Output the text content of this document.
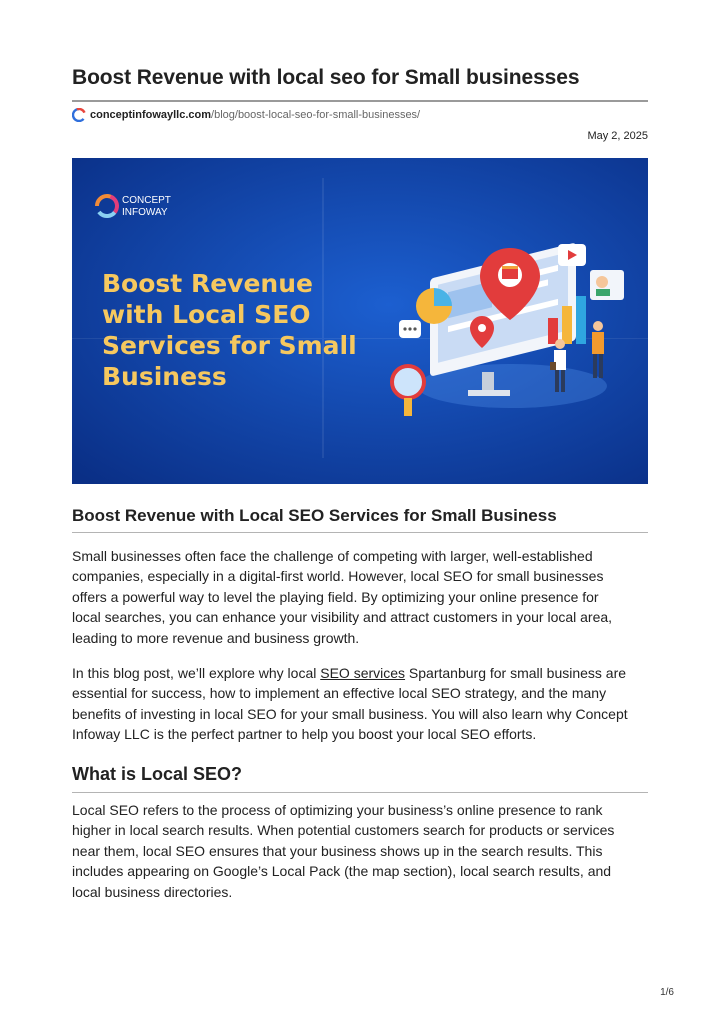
Boost Revenue with local seo for Small businesses
conceptinfowayllc.com /blog/boost-local-seo-for-small-businesses/
May 2, 2025
CONCEPT
INFOWAY
Boost Revenue
with Local SEO
Services for Small
Business
Boost Revenue with Local SEO Services for Small Business

Small businesses often face the challenge of competing with larger, well-established
companies, especially in a digital-first world. However, local SEO for small businesses
offers a powerful way to level the playing field. By optimizing your online presence for
local searches, you can enhance your visibility and attract customers in your local area,
leading to more revenue and business growth.

In this blog post, we’ll explore why local SEO services Spartanburg for small business are
essential for success, how to implement an effective local SEO strategy, and the many
benefits of investing in local SEO for your small business. You will also learn why Concept
Infoway LLC is the perfect partner to help you boost your local SEO efforts.

What is Local SEO?

Local SEO refers to the process of optimizing your business’s online presence to rank
higher in local search results. When potential customers search for products or services
near them, local SEO ensures that your business shows up in the search results. This
includes appearing on Google’s Local Pack (the map section), local search results, and
local business directories.

1/6
